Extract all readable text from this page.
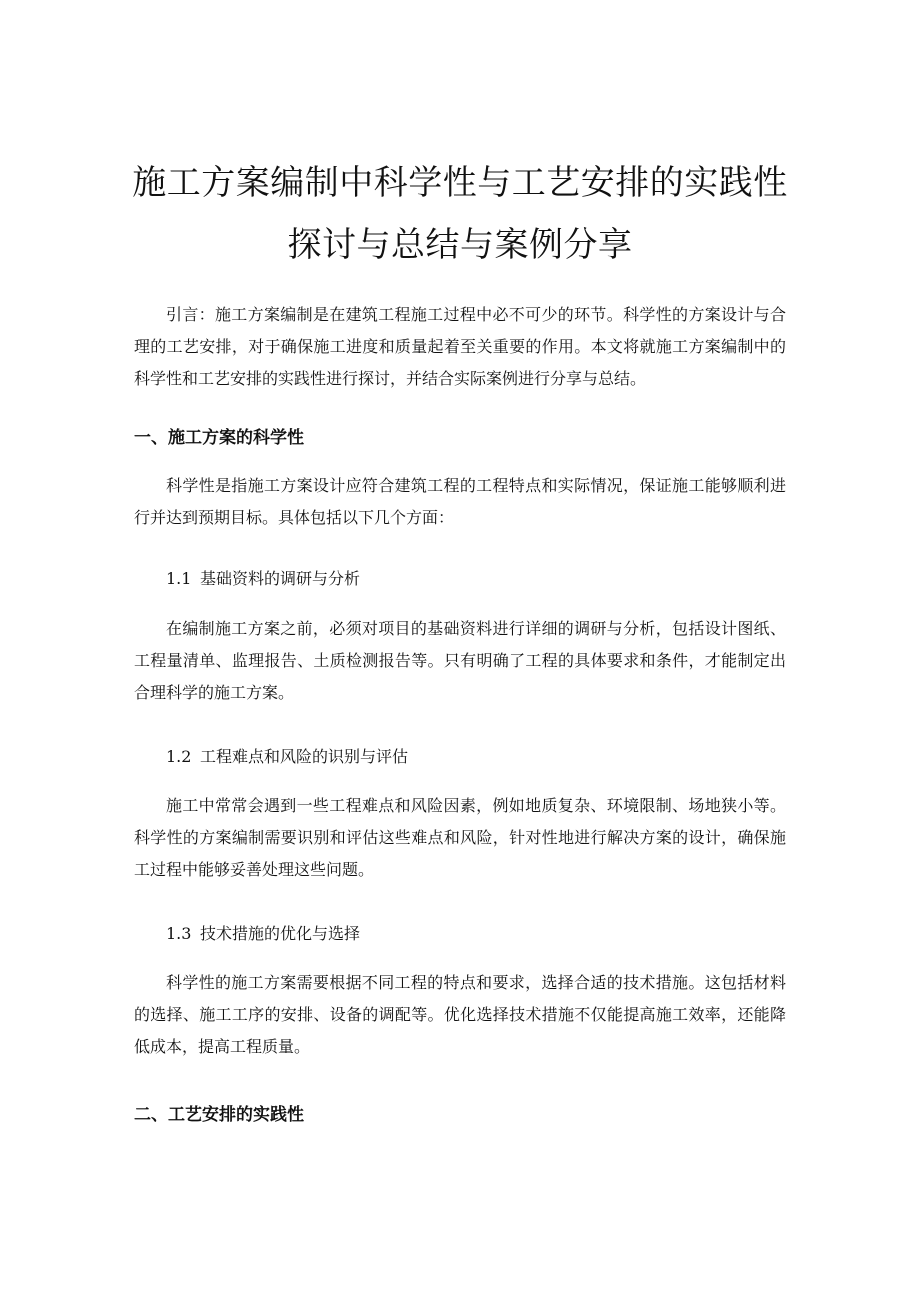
施工方案编制中科学性与工艺安排的实践性
探讨与总结与案例分享

引言：施工方案编制是在建筑工程施工过程中必不可少的环节。科学性的方案设计与合理的工艺安排，对于确保施工进度和质量起着至关重要的作用。本文将就施工方案编制中的科学性和工艺安排的实践性进行探讨，并结合实际案例进行分享与总结。

一、施工方案的科学性

科学性是指施工方案设计应符合建筑工程的工程特点和实际情况，保证施工能够顺利进行并达到预期目标。具体包括以下几个方面：

1.1 基础资料的调研与分析

在编制施工方案之前，必须对项目的基础资料进行详细的调研与分析，包括设计图纸、工程量清单、监理报告、土质检测报告等。只有明确了工程的具体要求和条件，才能制定出合理科学的施工方案。

1.2 工程难点和风险的识别与评估

施工中常常会遇到一些工程难点和风险因素，例如地质复杂、环境限制、场地狭小等。科学性的方案编制需要识别和评估这些难点和风险，针对性地进行解决方案的设计，确保施工过程中能够妥善处理这些问题。

1.3 技术措施的优化与选择

科学性的施工方案需要根据不同工程的特点和要求，选择合适的技术措施。这包括材料的选择、施工工序的安排、设备的调配等。优化选择技术措施不仅能提高施工效率，还能降低成本，提高工程质量。

二、工艺安排的实践性
